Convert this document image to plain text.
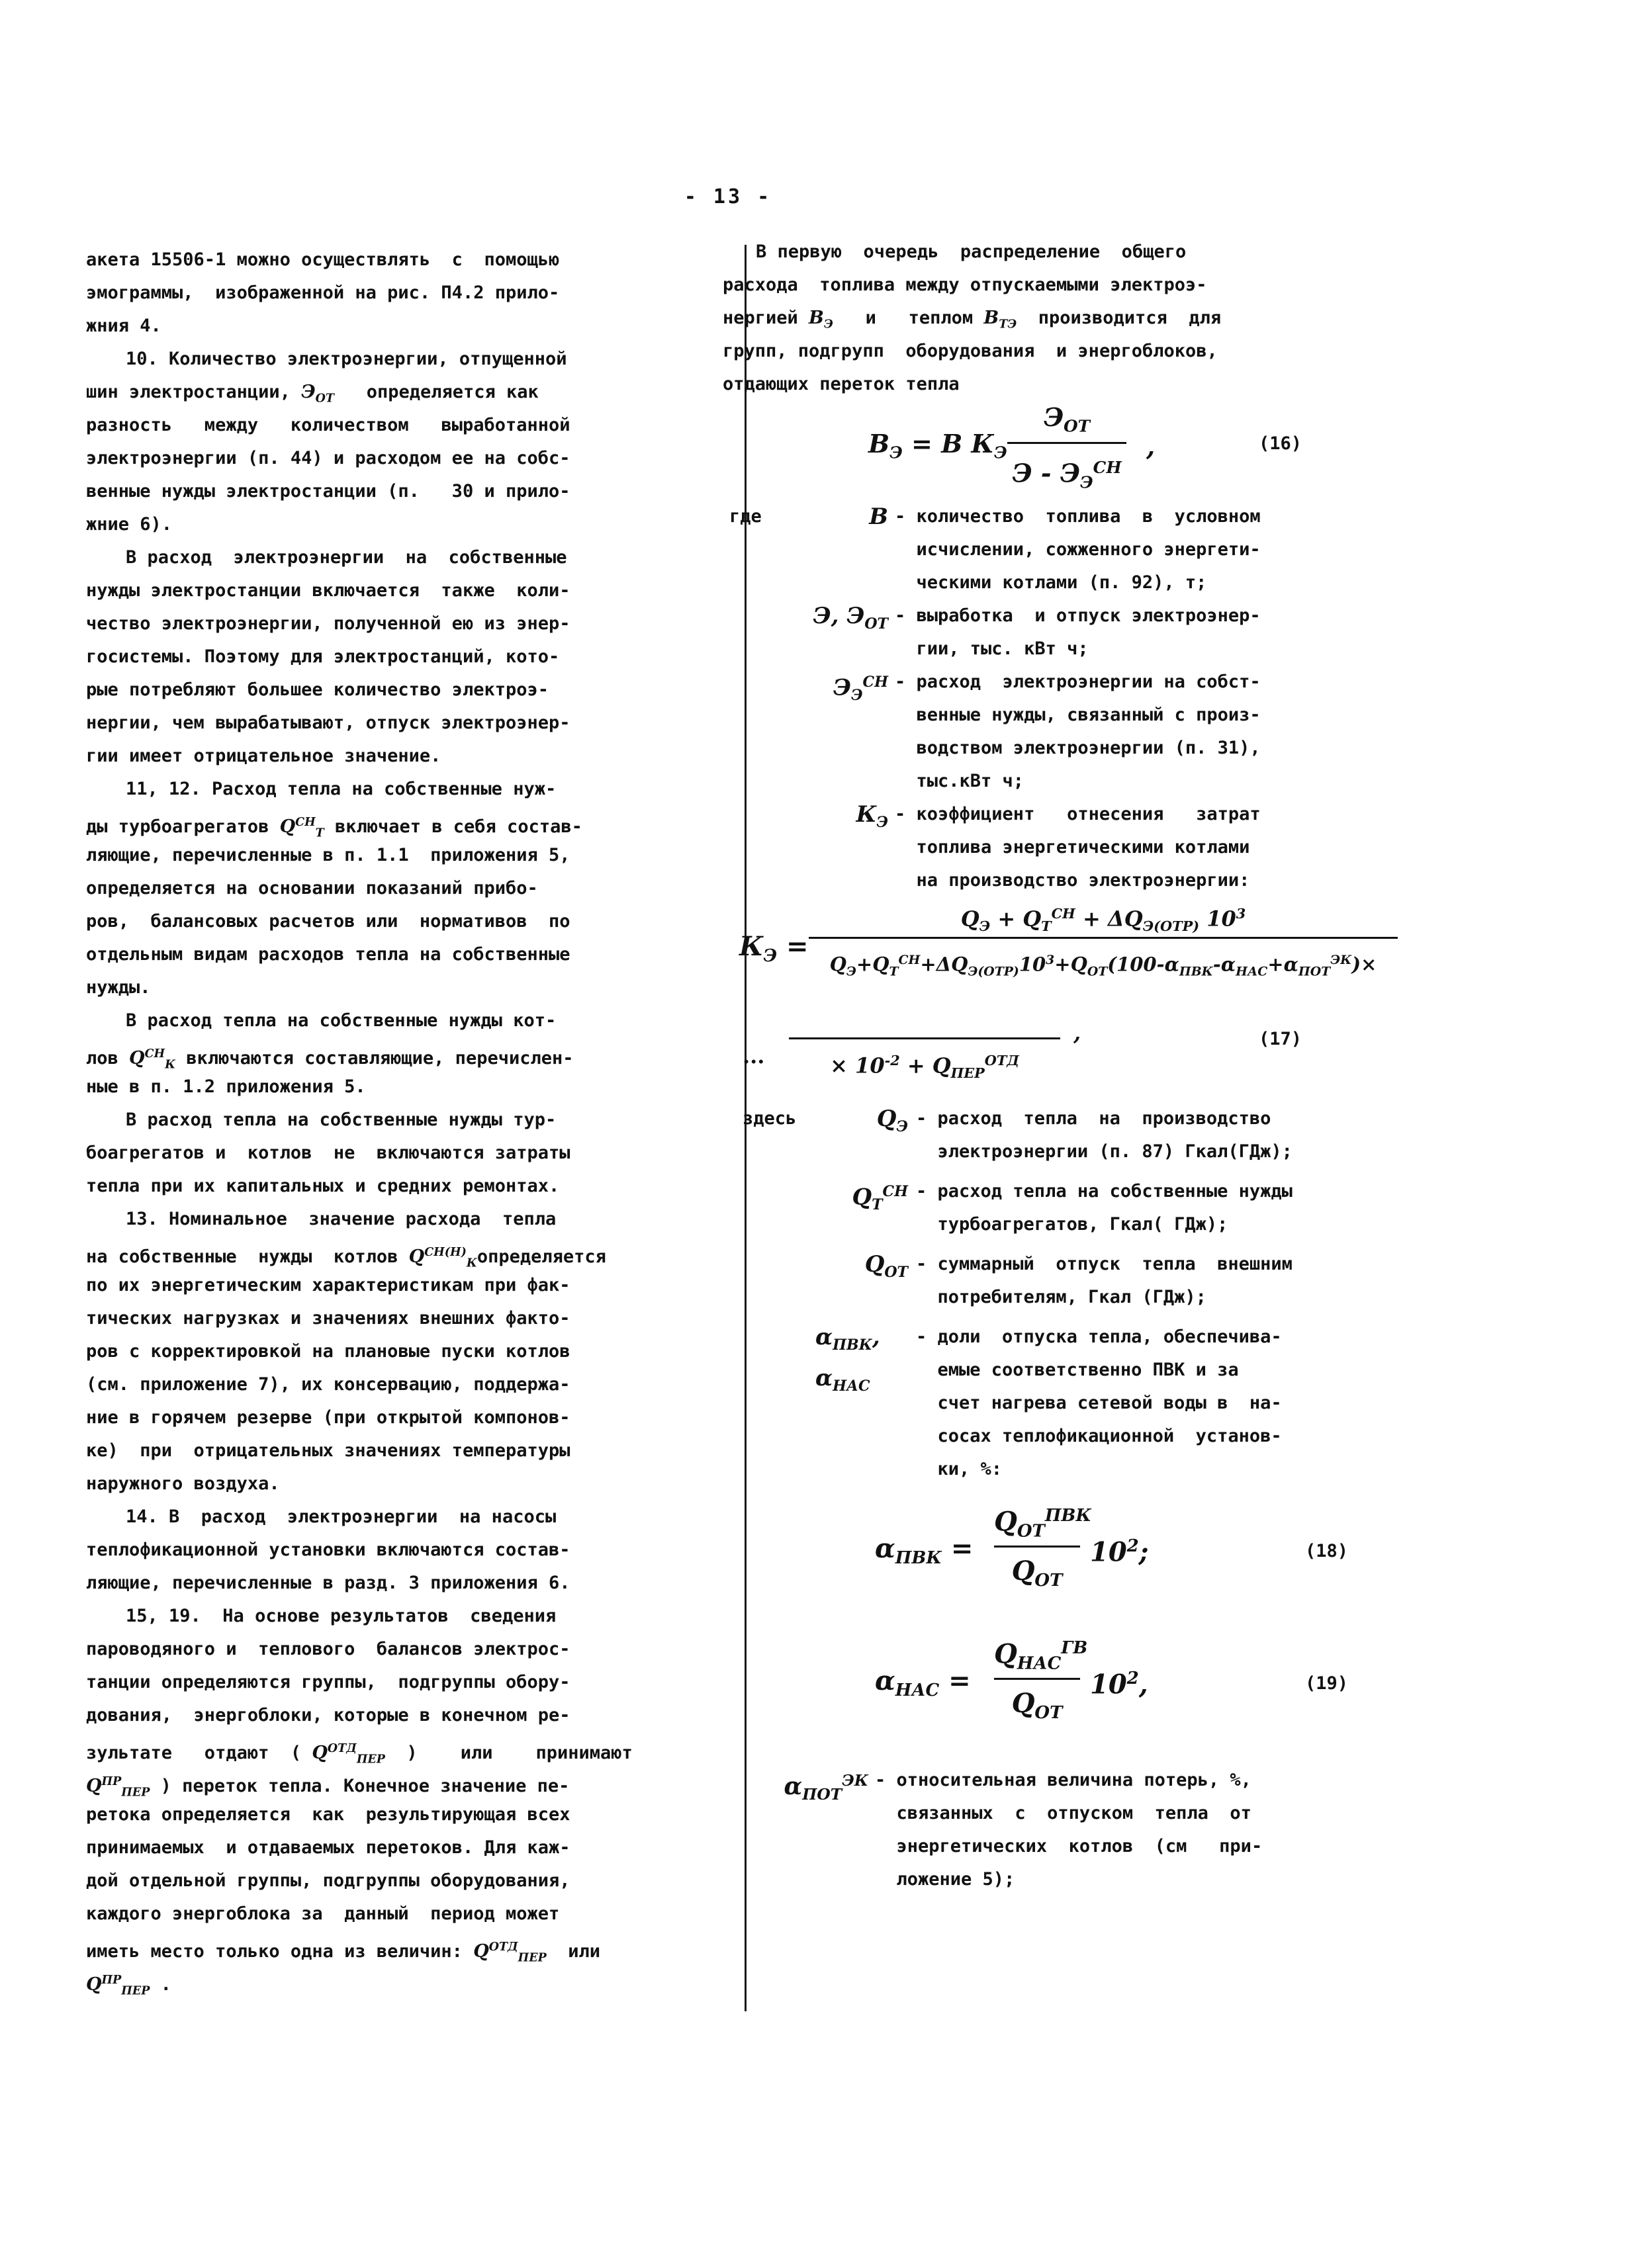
- 13 -
акета 15506-1 можно осуществлять  с  помощью
эмограммы,  изображенной на рис. П4.2 прило-
жния 4.
10. Количество электроэнергии, отпущенной
шин электростанции, $Э_{ОТ}$   определяется как
разность   между   количеством   выработанной
электроэнергии (п. 44) и расходом ее на собс-
венные нужды электростанции (п.   30 и прило-
жние 6).
В расход  электроэнергии  на  собственные
нужды электростанции включается  также  коли-
чество электроэнергии, полученной ею из энер-
госистемы. Поэтому для электростанций, кото-
рые потребляют большее количество электроэ-
нергии, чем вырабатывают, отпуск электроэнер-
гии имеет отрицательное значение.
11, 12. Расход тепла на собственные нуж-
ды турбоагрегатов $Q^{СН}_Т$ включает в себя состав-
ляющие, перечисленные в п. 1.1  приложения 5,
определяется на основании показаний прибо-
ров,  балансовых расчетов или  нормативов  по
отдельным видам расходов тепла на собственные
нужды.
В расход тепла на собственные нужды кот-
лов $Q^{СН}_К$ включаются составляющие, перечислен-
ные в п. 1.2 приложения 5.
В расход тепла на собственные нужды тур-
боагрегатов и  котлов  не  включаются затраты
тепла при их капитальных и средних ремонтах.
13. Номинальное  значение расхода  тепла
на собственные  нужды  котлов $Q^{СН(Н)}_Копределяется$
по их энергетическим характеристикам при фак-
тических нагрузках и значениях внешних факто-
ров с корректировкой на плановые пуски котлов
(см. приложение 7), их консервацию, поддержа-
ние в горячем резерве (при открытой компонов-
ке)  при  отрицательных значениях температуры
наружного воздуха.
14. В  расход  электроэнергии  на насосы
теплофикационной установки включаются состав-
ляющие, перечисленные в разд. 3 приложения 6.
15, 19.  На основе результатов  сведения
пароводяного и  теплового  балансов электрос-
танции определяются группы,  подгруппы обору-
дования,  энергоблоки, которые в конечном ре-
зультате   отдают  ( $Q^{ОТД}_{ПЕР}$  )    или    принимают
$Q^{ПР}_{ПЕР}$ ) переток тепла. Конечное значение пе-
ретока определяется  как  результирующая всех
принимаемых  и отдаваемых перетоков. Для каж-
дой отдельной группы, подгруппы оборудования,
каждого энергоблока за  данный  период может
иметь место только одна из величин: $Q^{ОТД}_{ПЕР}$  или
$Q^{ПР}_{ПЕР}$ .
В первую  очередь  распределение  общего
расхода  топлива между отпускаемыми электроэ-
нергией $В_Э$   и   теплом $В_{ТЭ}$  производится  для
групп, подгрупп  оборудования  и энергоблоков,
отдающих переток тепла
$В_Э = В$ $К_Э$
$Э_{ОТ}$
Э - $Э_Э^{СН}$
,	(16)
где	В - количество  топлива  в  условном
исчислении, сожженного энергети-
ческими котлами (п. 92), т;
Э, $Э_{ОТ}$ - выработка  и отпуск электроэнер-
гии, тыс. кВт ч;
$Э_Э^{СН}$ - расход  электроэнергии на собст-
венные нужды, связанный с произ-
водством электроэнергии (п. 31),
тыс.кВт ч;
$К_Э$ - коэффициент   отнесения   затрат
топлива энергетическими котлами
на производство электроэнергии:
$К_Э$ =
$Q_Э + Q_Т^{СН} + \Delta Q_{Э(ОТР)}$ $10^3$
$Q_Э+Q_Т^{СН}+\Delta Q_{Э(ОТР)}10^3+Q_{ОТ}(100-\alpha_{ПВК}-\alpha_{НАС}+\alpha_{ПОТ}^{ЭК})\times$
...	× $10^{-2} + Q_{ПЕР}^{ОТД}$
,	(17)
здесь	$Q_Э$ - расход  тепла  на  производство
электроэнергии (п. 87) Гкал(ГДж);
$Q_Т^{СН}$ - расход тепла на собственные нужды
турбоагрегатов, Гкал( ГДж);
$Q_{ОТ}$ - суммарный  отпуск  тепла  внешним
потребителям, Гкал (ГДж);
$\alpha_{ПВК}$,
$\alpha_{НАС}$
- доли  отпуска тепла, обеспечива-
емые соответственно ПВК и за
счет нагрева сетевой воды в  на-
сосах теплофикационной  установ-
ки, %:
$\alpha_{ПВК}$ =
$Q_{ОТ}^{ПВК}$
$Q_{ОТ}$
$10^2$;	(18)
$\alpha_{НАС}$ =
$Q_{НАС}^{ГВ}$
$Q_{ОТ}$
$10^2$,	(19)
$\alpha_{ПОТ}^{ЭК}$ - относительная величина потерь, %,
связанных  с  отпуском  тепла  от
энергетических  котлов  (см   при-
ложение 5);
